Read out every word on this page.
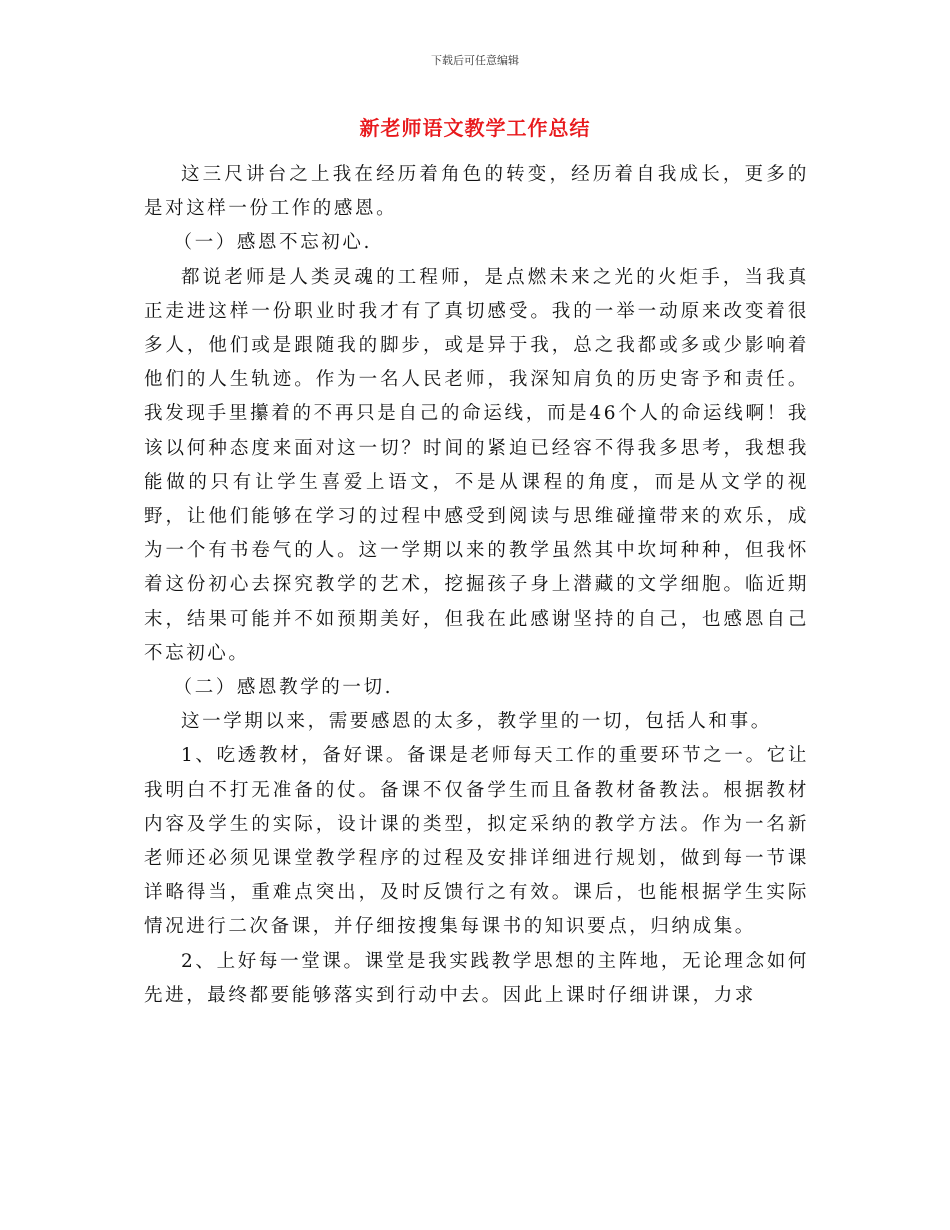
下载后可任意编辑
新老师语文教学工作总结

这三尺讲台之上我在经历着角色的转变，经历着自我成长，更多的是对这样一份工作的感恩。

（一）感恩不忘初心.

都说老师是人类灵魂的工程师，是点燃未来之光的火炬手，当我真正走进这样一份职业时我才有了真切感受。我的一举一动原来改变着很多人，他们或是跟随我的脚步，或是异于我，总之我都或多或少影响着他们的人生轨迹。作为一名人民老师，我深知肩负的历史寄予和责任。我发现手里攥着的不再只是自己的命运线，而是46个人的命运线啊！我该以何种态度来面对这一切？时间的紧迫已经容不得我多思考，我想我能做的只有让学生喜爱上语文，不是从课程的角度，而是从文学的视野，让他们能够在学习的过程中感受到阅读与思维碰撞带来的欢乐，成为一个有书卷气的人。这一学期以来的教学虽然其中坎坷种种，但我怀着这份初心去探究教学的艺术，挖掘孩子身上潜藏的文学细胞。临近期末，结果可能并不如预期美好，但我在此感谢坚持的自己，也感恩自己不忘初心。

（二）感恩教学的一切.

这一学期以来，需要感恩的太多，教学里的一切，包括人和事。

1、吃透教材，备好课。备课是老师每天工作的重要环节之一。它让我明白不打无准备的仗。备课不仅备学生而且备教材备教法。根据教材内容及学生的实际，设计课的类型，拟定采纳的教学方法。作为一名新老师还必须见课堂教学程序的过程及安排详细进行规划，做到每一节课详略得当，重难点突出，及时反馈行之有效。课后，也能根据学生实际情况进行二次备课，并仔细按搜集每课书的知识要点，归纳成集。

2、上好每一堂课。课堂是我实践教学思想的主阵地，无论理念如何先进，最终都要能够落实到行动中去。因此上课时仔细讲课，力求
